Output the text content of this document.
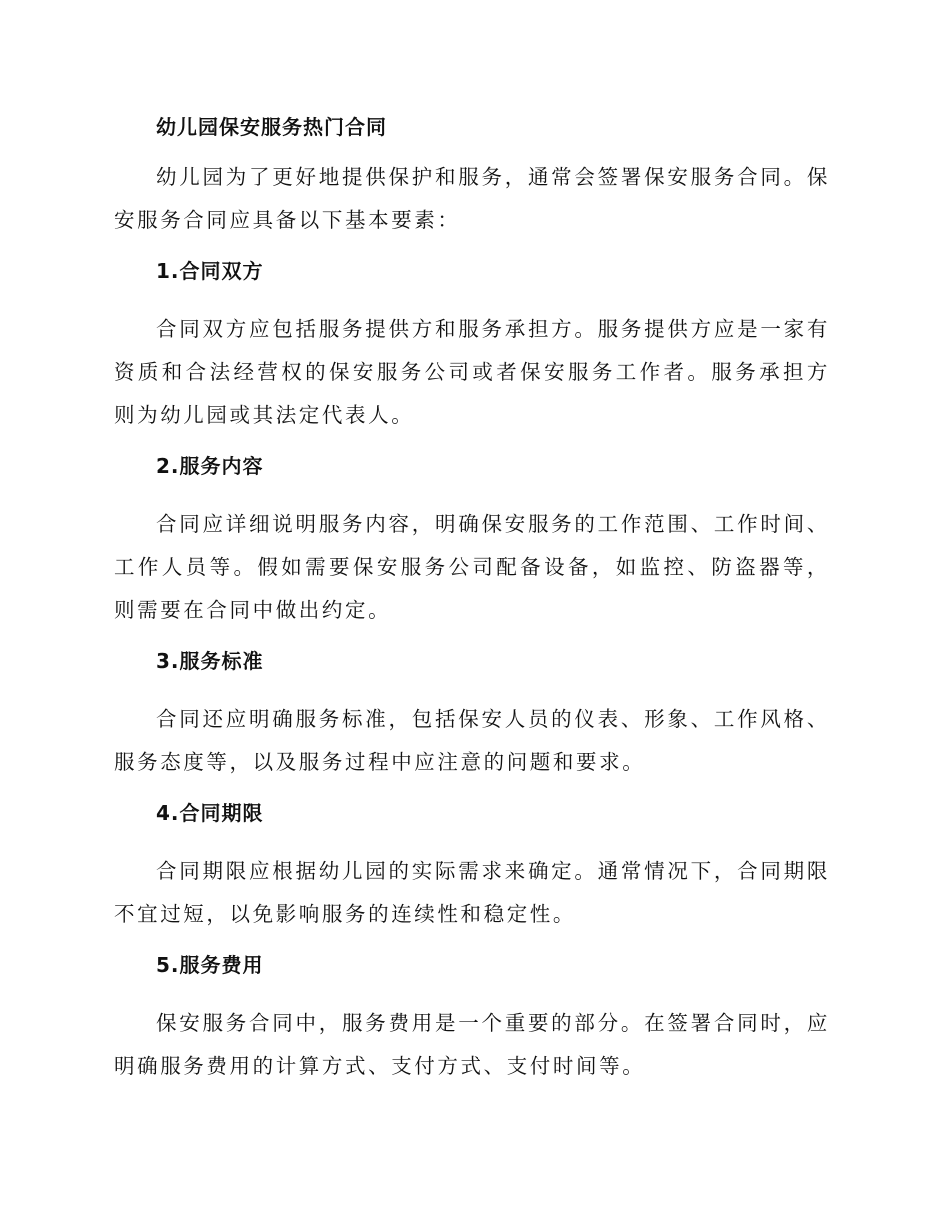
幼儿园保安服务热门合同

幼儿园为了更好地提供保护和服务，通常会签署保安服务合同。保安服务合同应具备以下基本要素：

1.合同双方

合同双方应包括服务提供方和服务承担方。服务提供方应是一家有资质和合法经营权的保安服务公司或者保安服务工作者。服务承担方则为幼儿园或其法定代表人。

2.服务内容

合同应详细说明服务内容，明确保安服务的工作范围、工作时间、工作人员等。假如需要保安服务公司配备设备，如监控、防盗器等，则需要在合同中做出约定。

3.服务标准

合同还应明确服务标准，包括保安人员的仪表、形象、工作风格、服务态度等，以及服务过程中应注意的问题和要求。

4.合同期限

合同期限应根据幼儿园的实际需求来确定。通常情况下，合同期限不宜过短，以免影响服务的连续性和稳定性。

5.服务费用

保安服务合同中，服务费用是一个重要的部分。在签署合同时，应明确服务费用的计算方式、支付方式、支付时间等。
